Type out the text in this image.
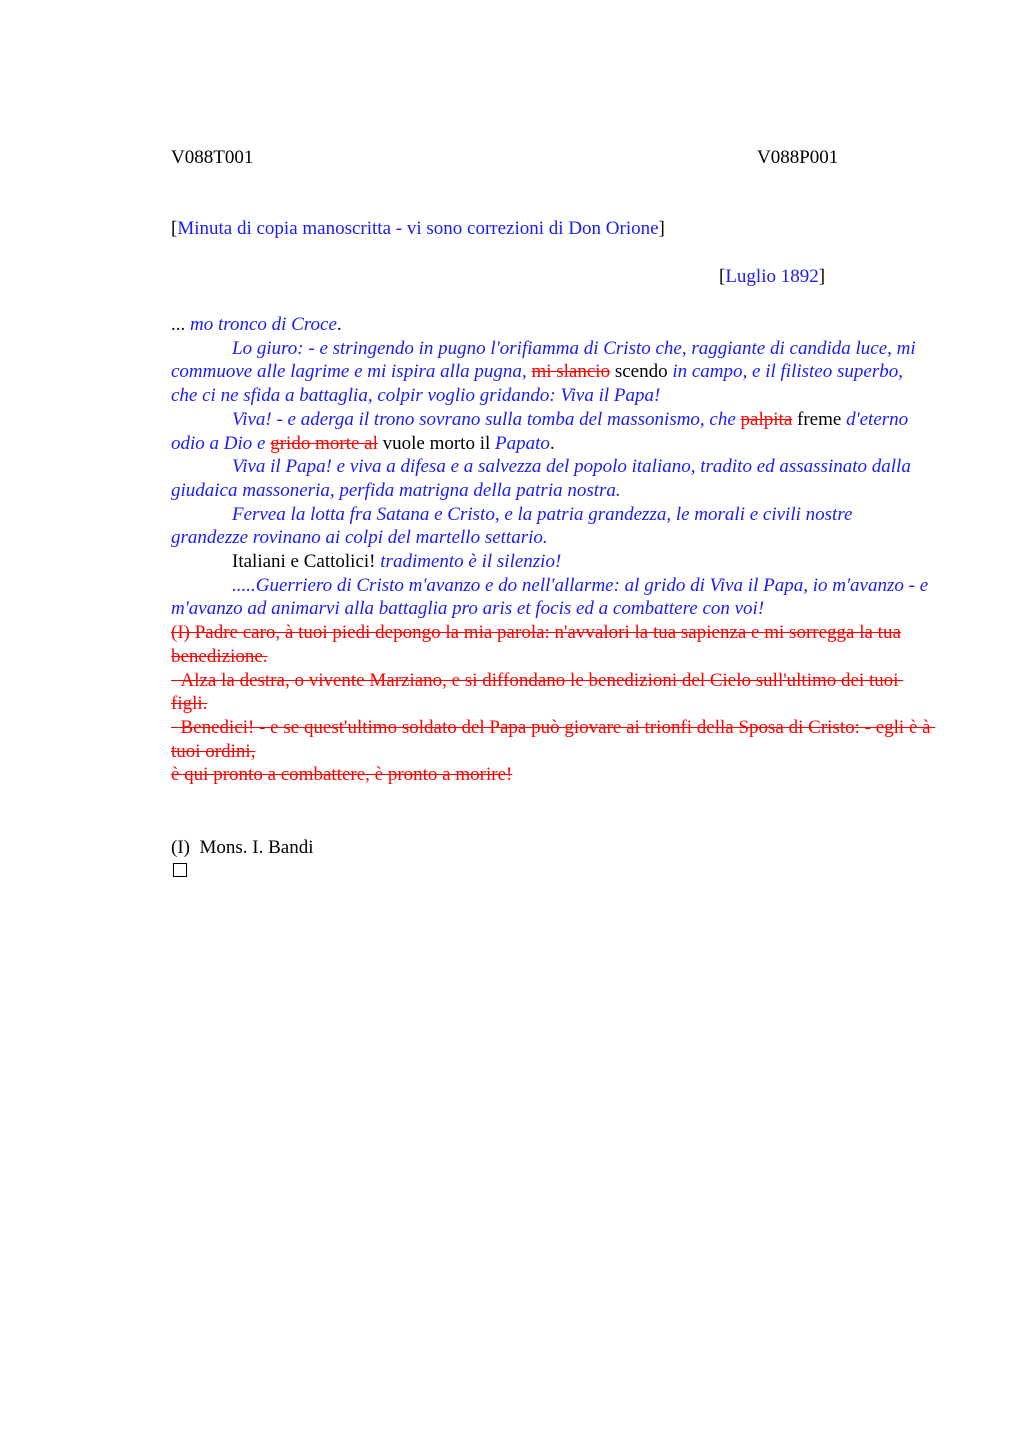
V088T001	V088P001
[Minuta di copia manoscritta - vi sono correzioni di Don Orione]
[Luglio 1892]

... mo tronco di Croce.

Lo giuro: - e stringendo in pugno l'orifiamma di Cristo che, raggiante di candida luce, mi commuove alle lagrime e mi ispira alla pugna, mi slancio scendo in campo, e il filisteo superbo, che ci ne sfida a battaglia, colpir voglio gridando: Viva il Papa!

Viva! - e aderga il trono sovrano sulla tomba del massonismo, che palpita freme d'eterno odio a Dio e grido morte al vuole morto il Papato.

Viva il Papa! e viva a difesa e a salvezza del popolo italiano, tradito ed assassinato dalla giudaica massoneria, perfida matrigna della patria nostra.

Fervea la lotta fra Satana e Cristo, e la patria grandezza, le morali e civili nostre grandezze rovinano ai colpi del martello settario.

Italiani e Cattolici! tradimento è il silenzio!

.....Guerriero di Cristo m'avanzo e do nell'allarme: al grido di Viva il Papa, io m'avanzo - e m'avanzo ad animarvi alla battaglia pro aris et focis ed a combattere con voi!

(I) Padre caro, à tuoi piedi depongo la mia parola: n'avvalori la tua sapienza e mi sorregga la tua benedizione.

Alza la destra, o vivente Marziano, e si diffondano le benedizioni del Cielo sull'ultimo dei tuoi figli.

Benedici! - e se quest'ultimo soldato del Papa può giovare ai trionfi della Sposa di Cristo: - egli è à tuoi ordini,

è qui pronto a combattere, è pronto a morire!

(I)  Mons. I. Bandi
